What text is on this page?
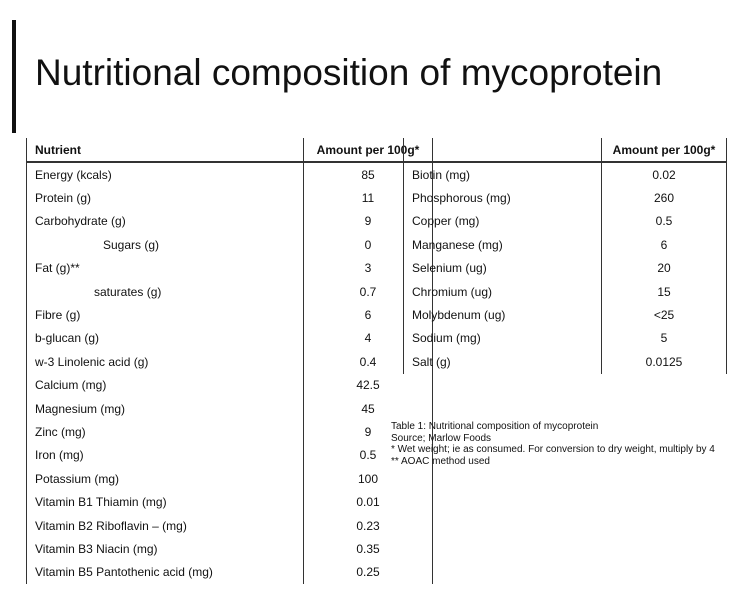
Nutritional composition of mycoprotein
Nutrient	Amount per 100g*
Energy (kcals)	85
Protein (g)	11
Carbohydrate (g)	9
Sugars (g)	0
Fat (g)**	3
saturates (g)	0.7
Fibre (g)	6
b-glucan (g)	4
w-3 Linolenic acid (g)	0.4
Calcium (mg)	42.5
Magnesium (mg)	45
Zinc (mg)	9
Iron (mg)	0.5
Potassium (mg)	100
Vitamin B1 Thiamin (mg)	0.01
Vitamin B2 Riboflavin – (mg)	0.23
Vitamin B3 Niacin (mg)	0.35
Vitamin B5 Pantothenic acid (mg)	0.25
	Amount per 100g*
Biotin (mg)	0.02
Phosphorous (mg)	260
Copper (mg)	0.5
Manganese (mg)	6
Selenium (ug)	20
Chromium (ug)	15
Molybdenum (ug)	<25
Sodium (mg)	5
Salt (g)	0.0125
Table 1: Nutritional composition of mycoprotein
Source; Marlow Foods
* Wet weight; ie as consumed. For conversion to dry weight, multiply by 4
** AOAC method used
